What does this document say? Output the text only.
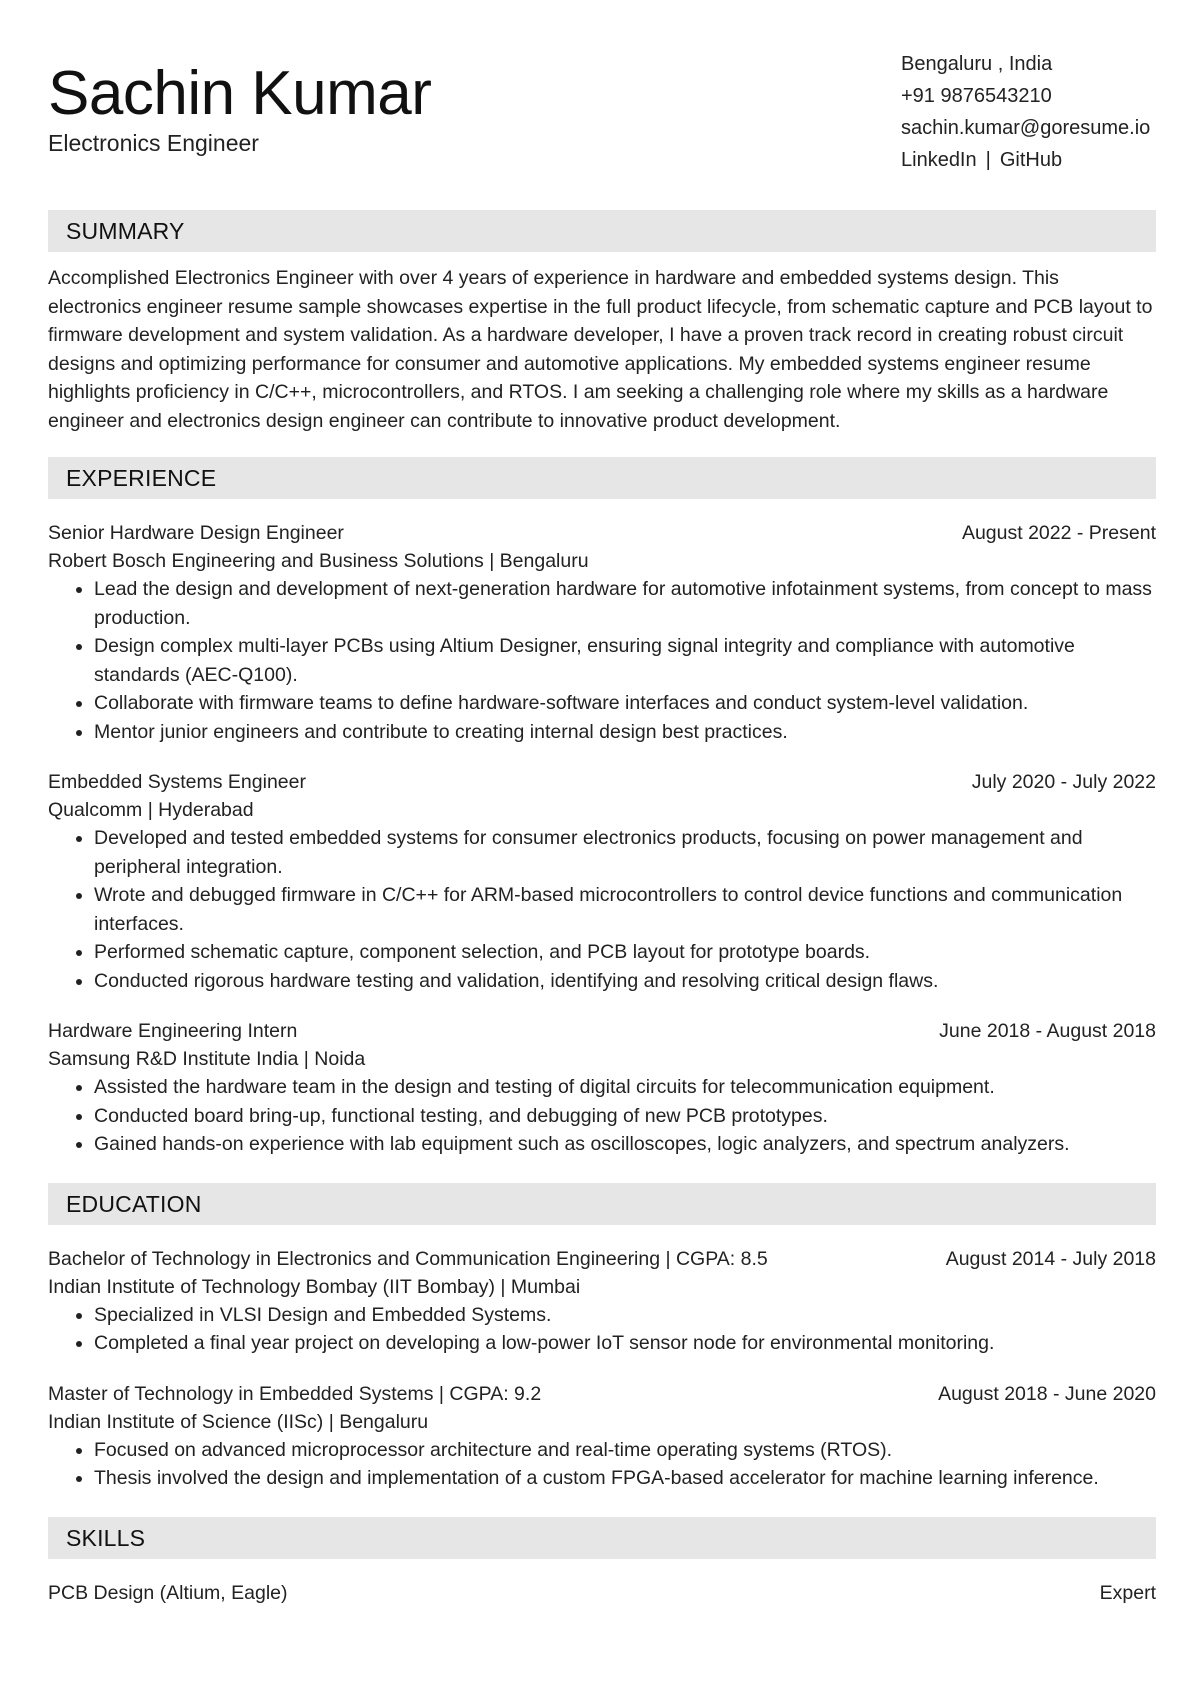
Sachin Kumar
Electronics Engineer
Bengaluru , India
+91 9876543210
sachin.kumar@goresume.io
LinkedIn | GitHub
SUMMARY

Accomplished Electronics Engineer with over 4 years of experience in hardware and embedded systems design. This electronics engineer resume sample showcases expertise in the full product lifecycle, from schematic capture and PCB layout to firmware development and system validation. As a hardware developer, I have a proven track record in creating robust circuit designs and optimizing performance for consumer and automotive applications. My embedded systems engineer resume highlights proficiency in C/C++, microcontrollers, and RTOS. I am seeking a challenging role where my skills as a hardware engineer and electronics design engineer can contribute to innovative product development.

EXPERIENCE
Senior Hardware Design Engineer	August 2022 - Present
Robert Bosch Engineering and Business Solutions | Bengaluru
• Lead the design and development of next-generation hardware for automotive infotainment systems, from concept to mass production.
• Design complex multi-layer PCBs using Altium Designer, ensuring signal integrity and compliance with automotive standards (AEC-Q100).
• Collaborate with firmware teams to define hardware-software interfaces and conduct system-level validation.
• Mentor junior engineers and contribute to creating internal design best practices.
Embedded Systems Engineer	July 2020 - July 2022
Qualcomm | Hyderabad
• Developed and tested embedded systems for consumer electronics products, focusing on power management and peripheral integration.
• Wrote and debugged firmware in C/C++ for ARM-based microcontrollers to control device functions and communication interfaces.
• Performed schematic capture, component selection, and PCB layout for prototype boards.
• Conducted rigorous hardware testing and validation, identifying and resolving critical design flaws.
Hardware Engineering Intern	June 2018 - August 2018
Samsung R&D Institute India | Noida
• Assisted the hardware team in the design and testing of digital circuits for telecommunication equipment.
• Conducted board bring-up, functional testing, and debugging of new PCB prototypes.
• Gained hands-on experience with lab equipment such as oscilloscopes, logic analyzers, and spectrum analyzers.
EDUCATION
Bachelor of Technology in Electronics and Communication Engineering | CGPA: 8.5	August 2014 - July 2018
Indian Institute of Technology Bombay (IIT Bombay) | Mumbai
• Specialized in VLSI Design and Embedded Systems.
• Completed a final year project on developing a low-power IoT sensor node for environmental monitoring.
Master of Technology in Embedded Systems | CGPA: 9.2	August 2018 - June 2020
Indian Institute of Science (IISc) | Bengaluru
• Focused on advanced microprocessor architecture and real-time operating systems (RTOS).
• Thesis involved the design and implementation of a custom FPGA-based accelerator for machine learning inference.
SKILLS
PCB Design (Altium, Eagle)	Expert
